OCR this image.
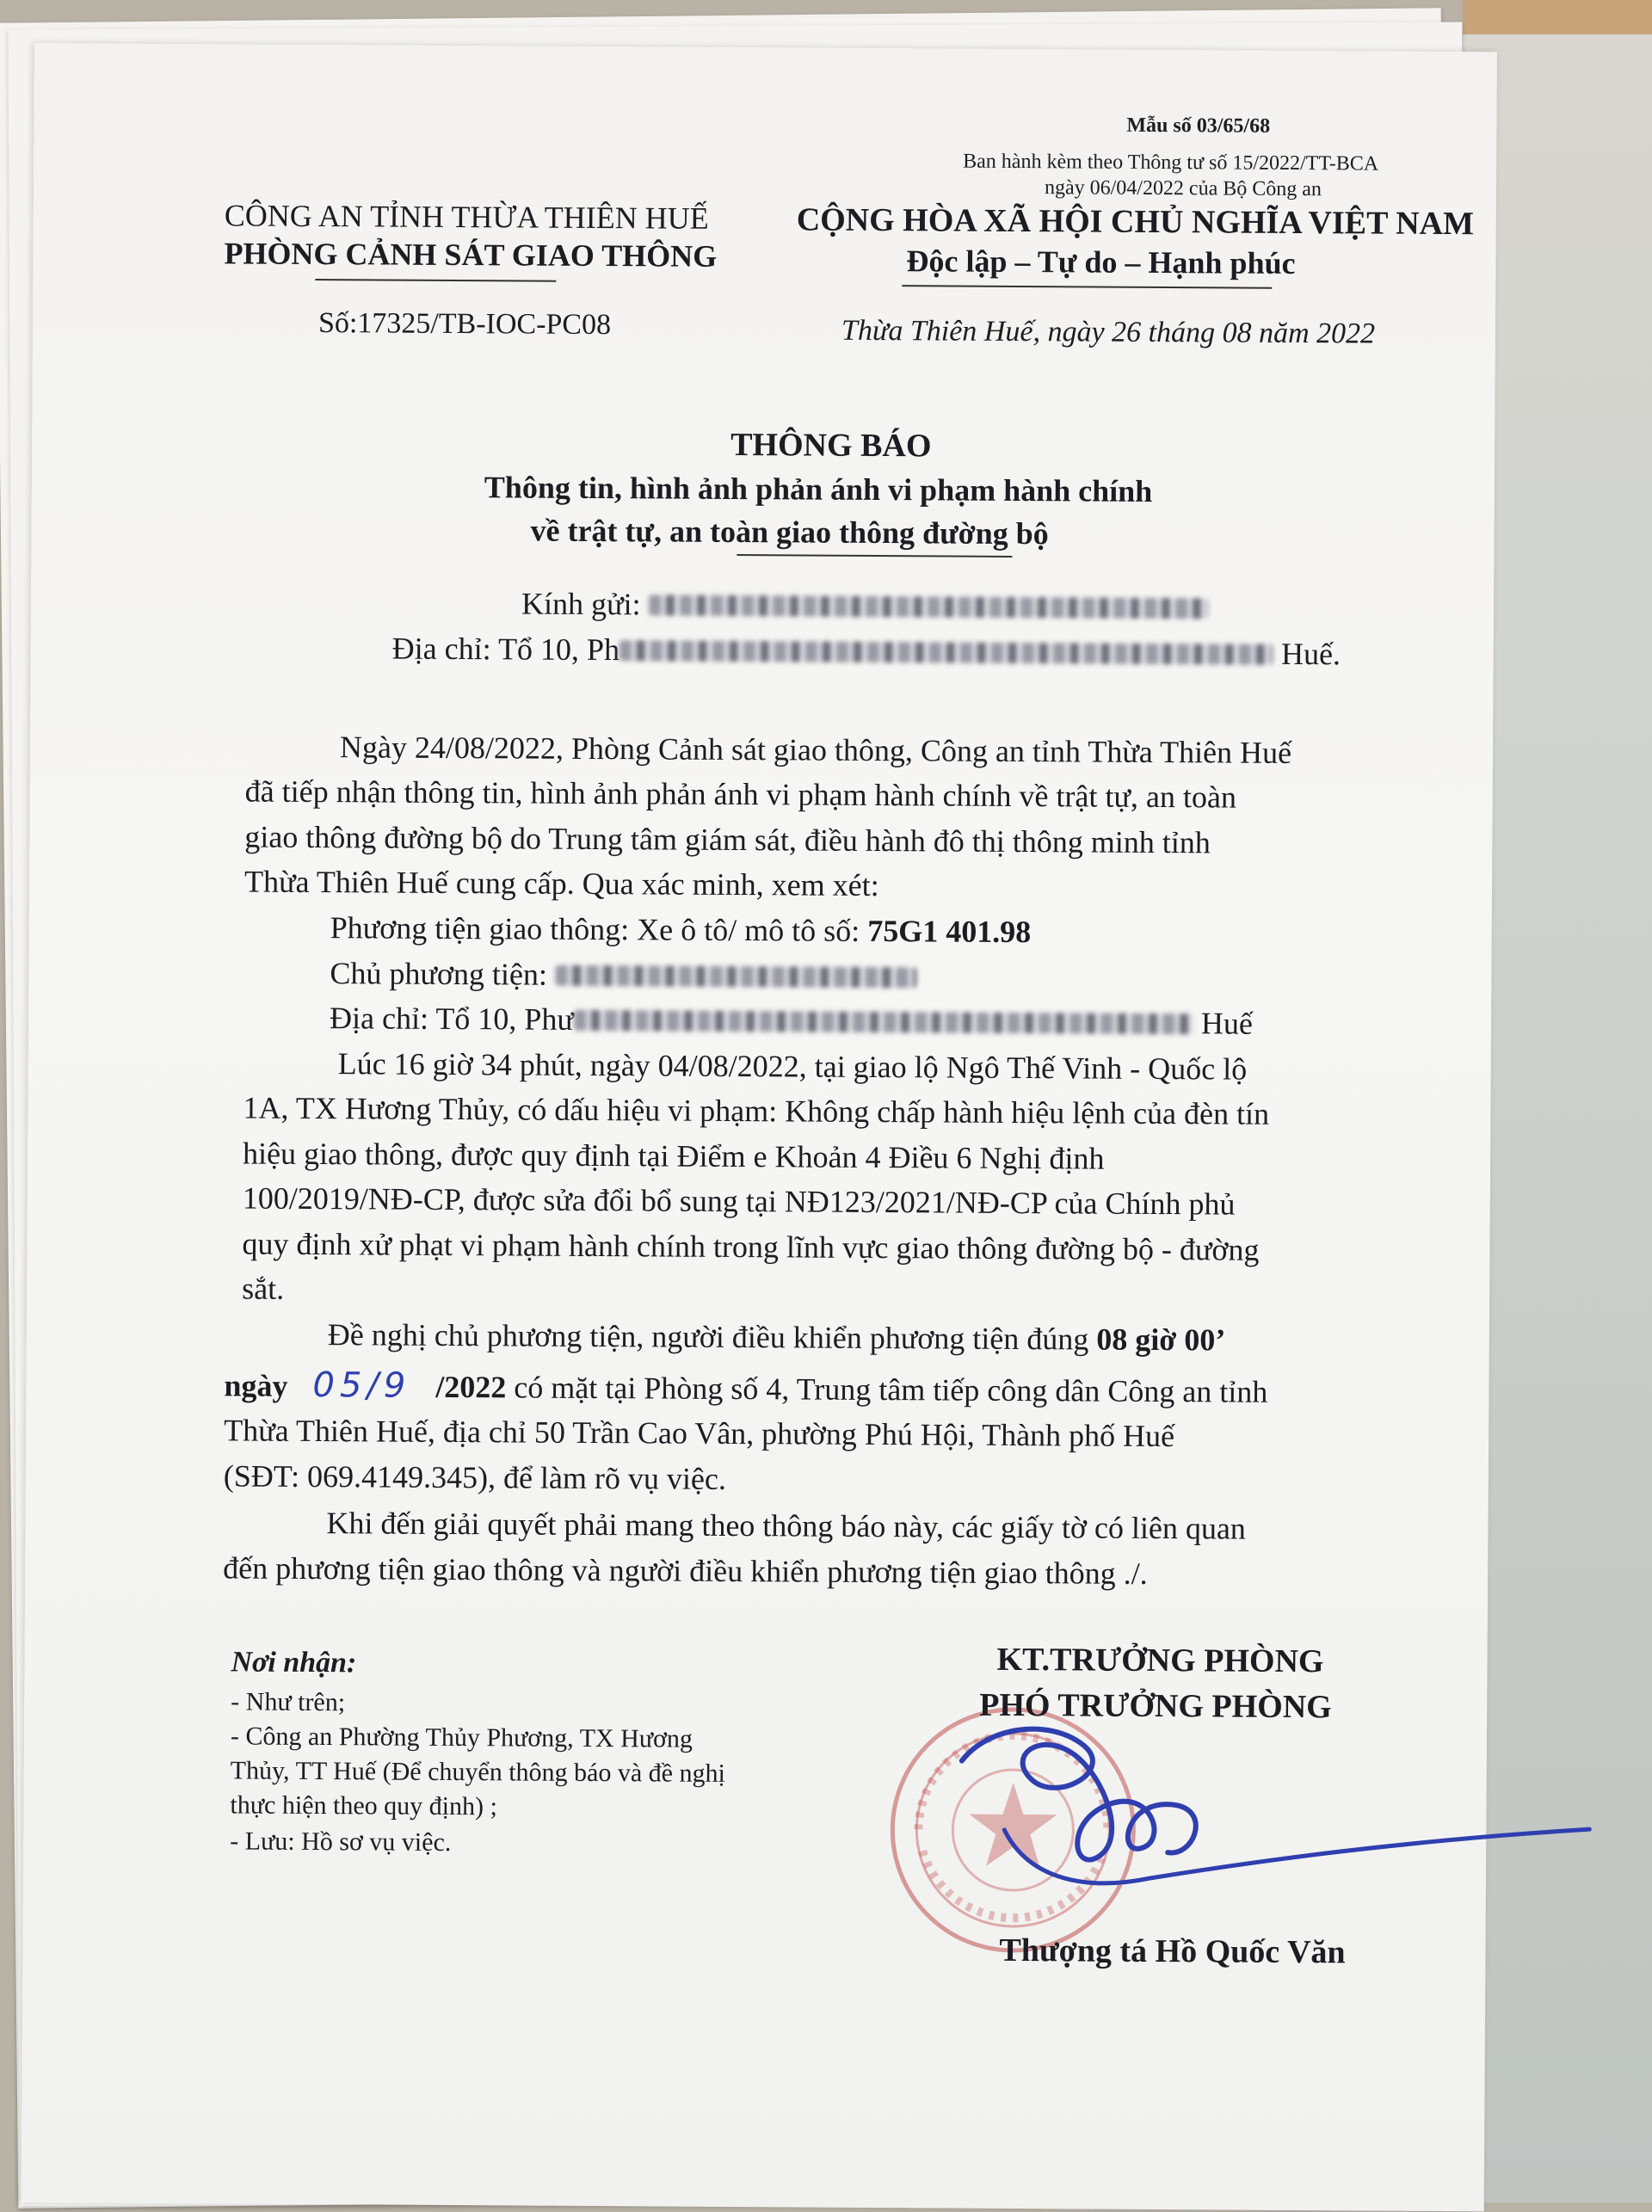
Mẫu số 03/65/68
Ban hành kèm theo Thông tư số 15/2022/TT-BCA
ngày 06/04/2022 của Bộ Công an
CÔNG AN TỈNH THỪA THIÊN HUẾ
PHÒNG CẢNH SÁT GIAO THÔNG
CỘNG HÒA XÃ HỘI CHỦ NGHĨA VIỆT NAM
Độc lập – Tự do – Hạnh phúc
Số:17325/TB-IOC-PC08	Thừa Thiên Huế, ngày 26 tháng 08 năm 2022
THÔNG BÁO
Thông tin, hình ảnh phản ánh vi phạm hành chính
về trật tự, an toàn giao thông đường bộ
Kính gửi:
Địa chỉ: Tổ 10, Ph	Huế.
Ngày 24/08/2022, Phòng Cảnh sát giao thông, Công an tỉnh Thừa Thiên Huế
đã tiếp nhận thông tin, hình ảnh phản ánh vi phạm hành chính về trật tự, an toàn
giao thông đường bộ do Trung tâm giám sát, điều hành đô thị thông minh tỉnh
Thừa Thiên Huế cung cấp. Qua xác minh, xem xét:
Phương tiện giao thông: Xe ô tô/ mô tô số: 75G1 401.98
Chủ phương tiện:
Địa chỉ: Tổ 10, Phư	Huế
Lúc 16 giờ 34 phút, ngày 04/08/2022, tại giao lộ Ngô Thế Vinh - Quốc lộ
1A, TX Hương Thủy, có dấu hiệu vi phạm: Không chấp hành hiệu lệnh của đèn tín
hiệu giao thông, được quy định tại Điểm e Khoản 4 Điều 6 Nghị định
100/2019/NĐ-CP, được sửa đổi bổ sung tại NĐ123/2021/NĐ-CP của Chính phủ
quy định xử phạt vi phạm hành chính trong lĩnh vực giao thông đường bộ - đường
sắt.
Đề nghị chủ phương tiện, người điều khiển phương tiện đúng 08 giờ 00’
ngày 05/9 /2022 có mặt tại Phòng số 4, Trung tâm tiếp công dân Công an tỉnh
Thừa Thiên Huế, địa chỉ 50 Trần Cao Vân, phường Phú Hội, Thành phố Huế
(SĐT: 069.4149.345), để làm rõ vụ việc.
Khi đến giải quyết phải mang theo thông báo này, các giấy tờ có liên quan
đến phương tiện giao thông và người điều khiển phương tiện giao thông ./.
Nơi nhận:
- Như trên;
- Công an Phường Thủy Phương, TX Hương
Thủy, TT Huế (Để chuyển thông báo và đề nghị
thực hiện theo quy định) ;
- Lưu: Hồ sơ vụ việc.
KT.TRƯỞNG PHÒNG
PHÓ TRƯỞNG PHÒNG
Thượng tá Hồ Quốc Văn
